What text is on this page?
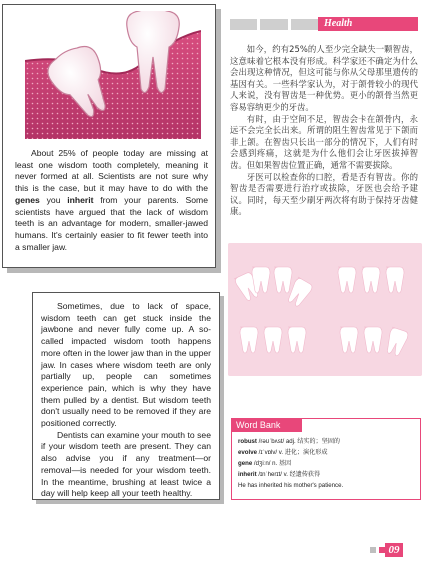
Health
About 25% of people today are missing at least one wisdom tooth completely, meaning it never formed at all. Scientists are not sure why this is the case, but it may have to do with the genes you inherit from your parents. Some scientists have argued that the lack of wisdom teeth is an advantage for modern, smaller-jawed humans. It's certainly easier to fit fewer teeth into a smaller jaw.

如今，约有25%的人至少完全缺失一颗智齿，这意味着它根本没有形成。科学家还不确定为什么会出现这种情况，但这可能与你从父母那里遗传的基因有关。一些科学家认为，对于颌骨较小的现代人来说，没有智齿是一种优势。更小的颌骨当然更容易容纳更少的牙齿。

有时，由于空间不足，智齿会卡在颌骨内，永远不会完全长出来。所谓的阻生智齿常见于下颌而非上颌。在智齿只长出一部分的情况下，人们有时会感到疼痛，这就是为什么他们会让牙医拔掉智齿。但如果智齿位置正确，通常不需要拔除。

牙医可以检查你的口腔，看是否有智齿。你的智齿是否需要进行治疗或拔除，牙医也会给予建议。同时，每天至少刷牙两次将有助于保持牙齿健康。

Sometimes, due to lack of space, wisdom teeth can get stuck inside the jawbone and never fully come up. A so-called impacted wisdom tooth happens more often in the lower jaw than in the upper jaw. In cases where wisdom teeth are only partially up, people can sometimes experience pain, which is why they have them pulled by a dentist. But wisdom teeth don't usually need to be removed if they are positioned correctly.

Dentists can examine your mouth to see if your wisdom teeth are present. They can also advise you if any treatment—or removal—is needed for your wisdom teeth. In the meantime, brushing at least twice a day will help keep all your teeth healthy.

Word Bank
robust /rəʊˈbʌst/ adj. 结实的；坚固的
evolve /ɪˈvɒlv/ v. 进化；演化形成
gene /dʒiːn/ n. 基因
inherit /ɪnˈherɪt/ v. 经遗传获得
He has inherited his mother's patience.
09
